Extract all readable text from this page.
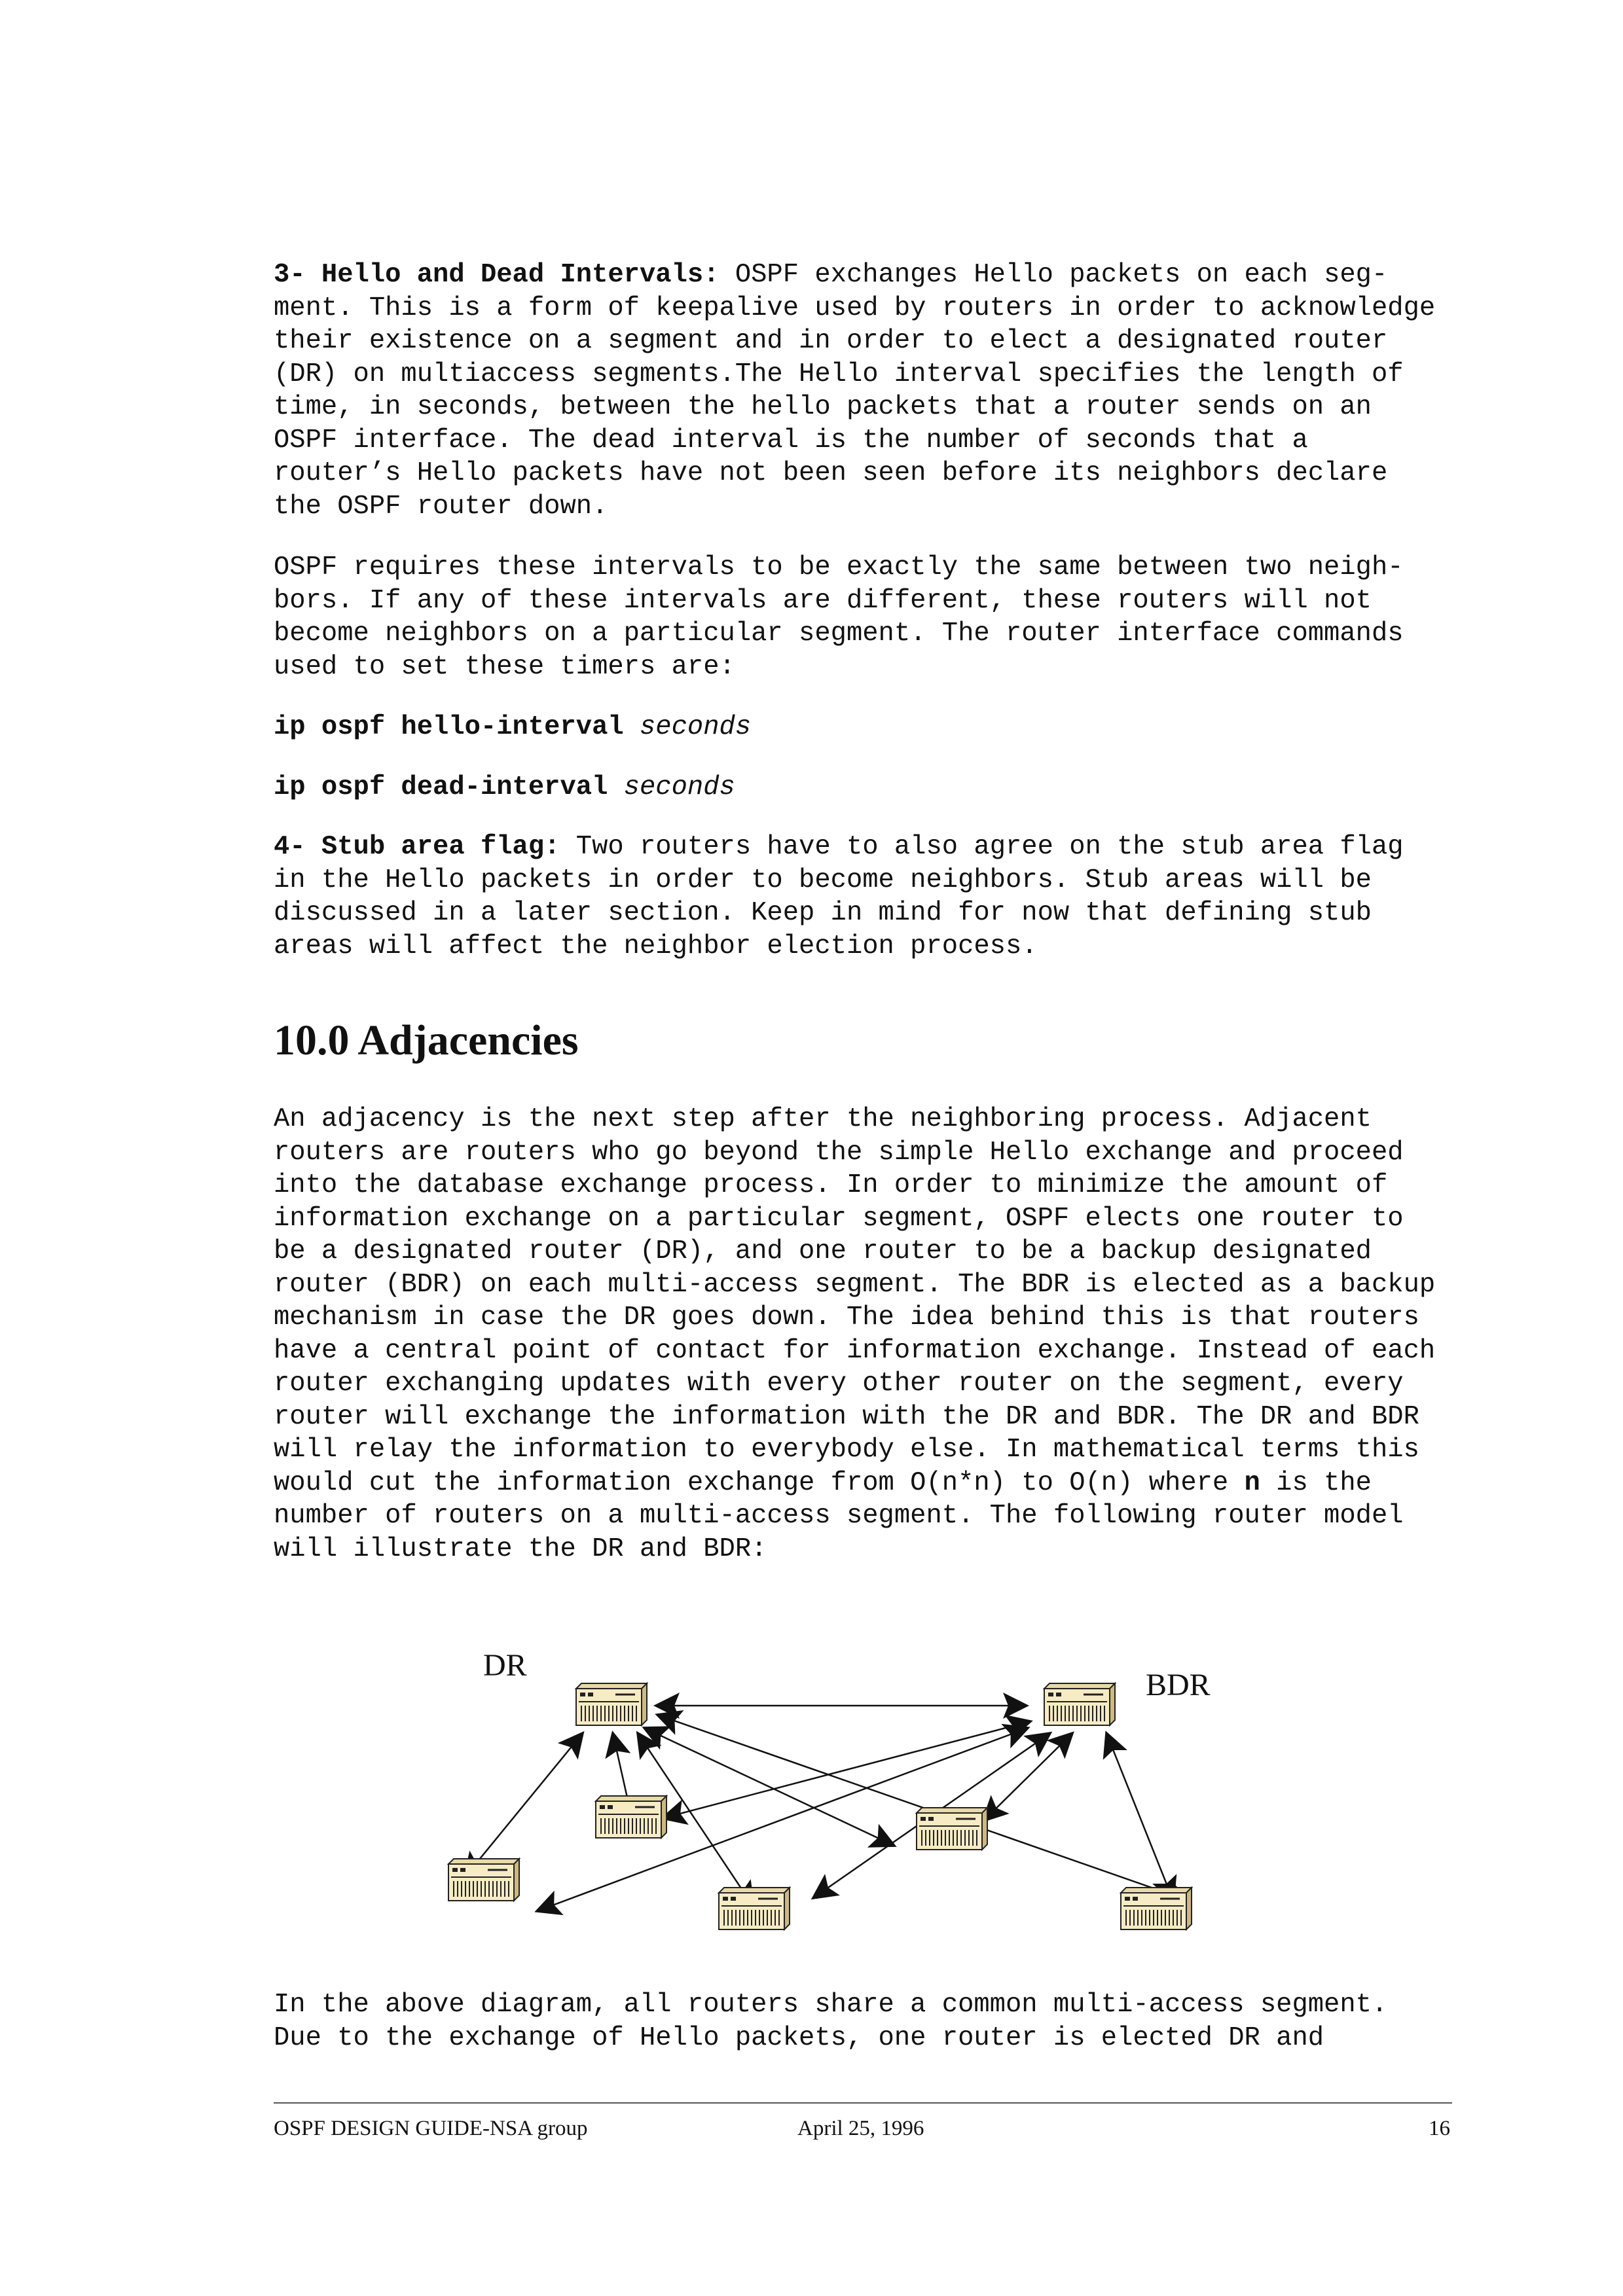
3- Hello and Dead Intervals: OSPF exchanges Hello packets on each seg-
ment. This is a form of keepalive used by routers in order to acknowledge
their existence on a segment and in order to elect a designated router
(DR) on multiaccess segments.The Hello interval specifies the length of
time, in seconds, between the hello packets that a router sends on an
OSPF interface. The dead interval is the number of seconds that a
router’s Hello packets have not been seen before its neighbors declare
the OSPF router down.

OSPF requires these intervals to be exactly the same between two neigh-
bors. If any of these intervals are different, these routers will not
become neighbors on a particular segment. The router interface commands
used to set these timers are:

ip ospf hello-interval seconds

ip ospf dead-interval seconds

4- Stub area flag: Two routers have to also agree on the stub area flag
in the Hello packets in order to become neighbors. Stub areas will be
discussed in a later section. Keep in mind for now that defining stub
areas will affect the neighbor election process.

10.0 Adjacencies

An adjacency is the next step after the neighboring process. Adjacent
routers are routers who go beyond the simple Hello exchange and proceed
into the database exchange process. In order to minimize the amount of
information exchange on a particular segment, OSPF elects one router to
be a designated router (DR), and one router to be a backup designated
router (BDR) on each multi-access segment. The BDR is elected as a backup
mechanism in case the DR goes down. The idea behind this is that routers
have a central point of contact for information exchange. Instead of each
router exchanging updates with every other router on the segment, every
router will exchange the information with the DR and BDR. The DR and BDR
will relay the information to everybody else. In mathematical terms this
would cut the information exchange from O(n*n) to O(n) where n is the
number of routers on a multi-access segment. The following router model
will illustrate the DR and BDR:

DR
BDR

In the above diagram, all routers share a common multi-access segment.
Due to the exchange of Hello packets, one router is elected DR and

OSPF DESIGN GUIDE-NSA group	April 25, 1996	16
